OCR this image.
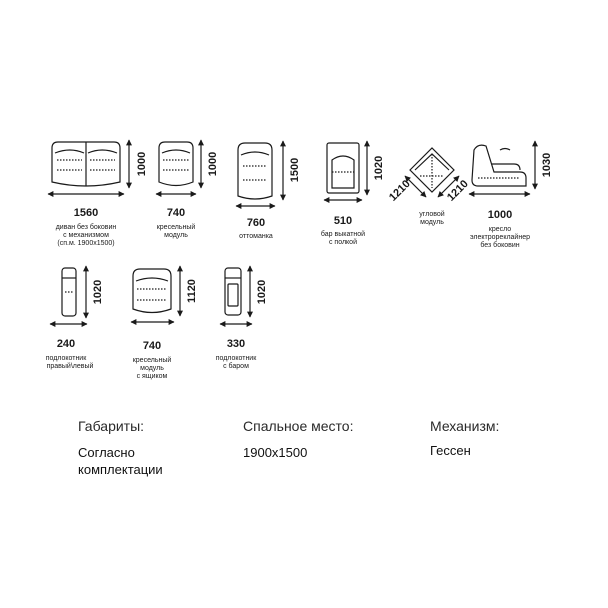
1560
1000
диван без боковин
с механизмом
(сп.м. 1900x1500)
740
1000
кресельный
модуль
760
1500
оттоманка
510
1020
бар выкатной
с полкой
1210	1210
угловой
модуль
1000
1030
кресло
электрореклайнер
без боковин
240
1020
подлокотник
правый\левый
740
1120
кресельный
модуль
с ящиком
330
1020
подлокотник
с баром
Габариты:
Согласно
комплектации
Спальное место:
1900x1500
Механизм:
Гессен
